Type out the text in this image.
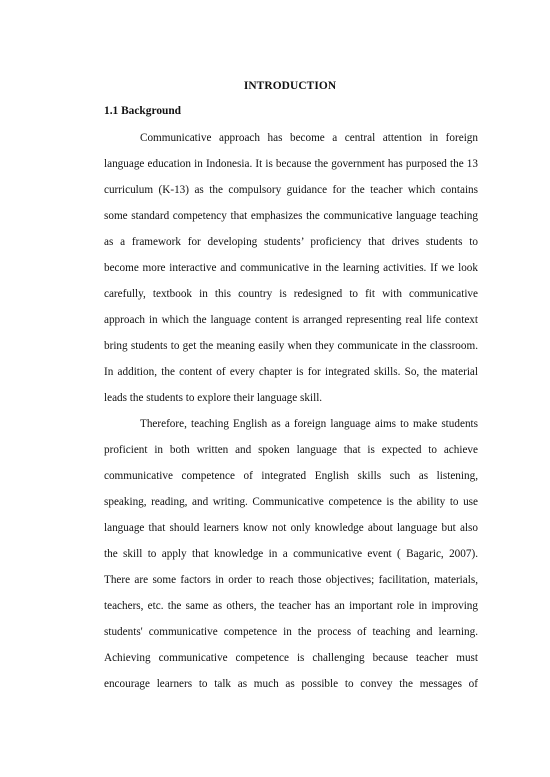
INTRODUCTION
1.1 Background
Communicative approach has become a central attention in foreign
language education in Indonesia. It is because the government has purposed the 13
curriculum (K-13) as the compulsory guidance for the teacher which contains
some standard competency that emphasizes the communicative language teaching
as a framework for developing students’ proficiency that drives students to
become more interactive and communicative in the learning activities. If we look
carefully, textbook in this country is redesigned to fit with communicative
approach in which the language content is arranged representing real life context
bring students to get the meaning easily when they communicate in the classroom.
In addition, the content of every chapter is for integrated skills. So, the material
leads the students to explore their language skill.
Therefore, teaching English as a foreign language aims to make students
proficient in both written and spoken language that is expected to achieve
communicative competence of integrated English skills such as listening,
speaking, reading, and writing. Communicative competence is the ability to use
language that should learners know not only knowledge about language but also
the skill to apply that knowledge in a communicative event ( Bagaric, 2007).
There are some factors in order to reach those objectives; facilitation, materials,
teachers, etc. the same as others, the teacher has an important role in improving
students' communicative competence in the process of teaching and learning.
Achieving communicative competence is challenging because teacher must
encourage learners to talk as much as possible to convey the messages of
